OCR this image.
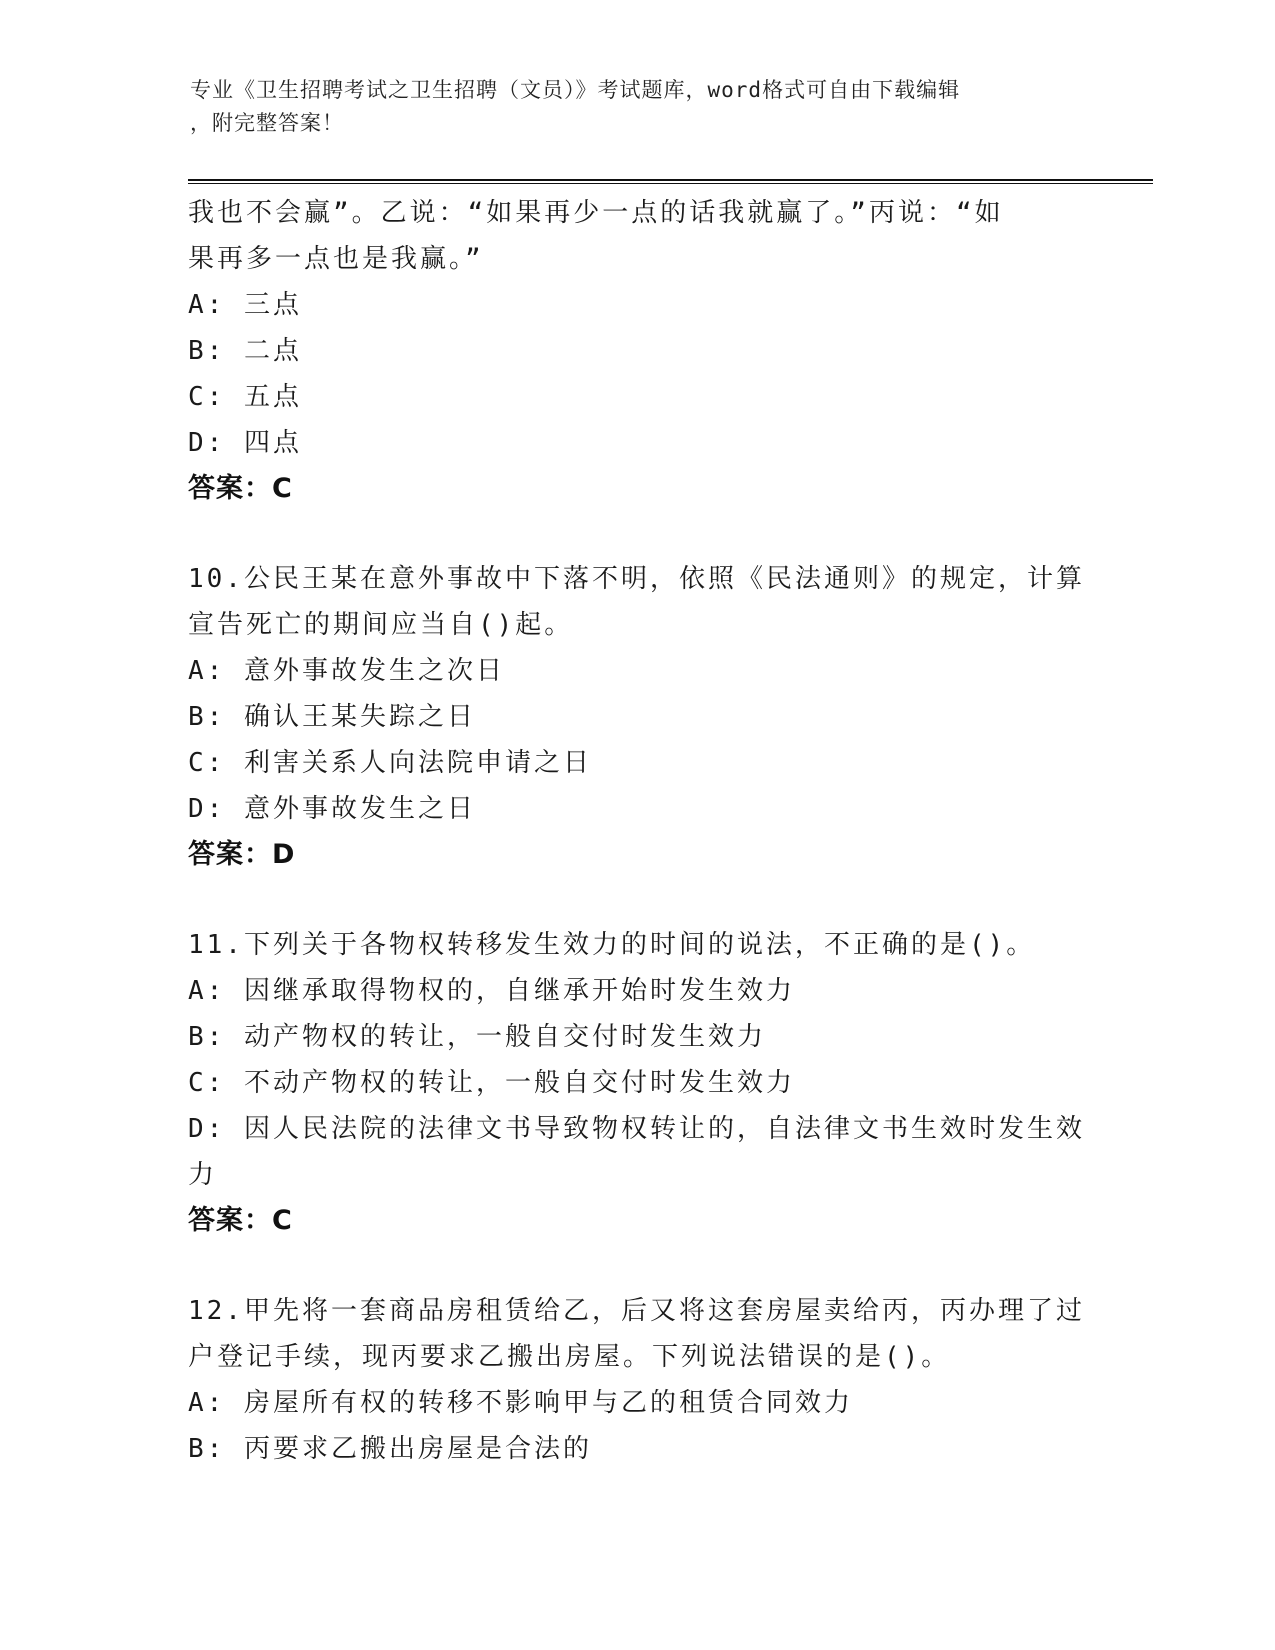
专业《卫生招聘考试之卫生招聘（文员）》考试题库，word格式可自由下载编辑
，附完整答案！
我也不会赢”。乙说：“如果再少一点的话我就赢了。”丙说：“如
果再多一点也是我赢。”
A: 三点
B: 二点
C: 五点
D: 四点
答案：C
10.公民王某在意外事故中下落不明，依照《民法通则》的规定，计算
宣告死亡的期间应当自()起。
A: 意外事故发生之次日
B: 确认王某失踪之日
C: 利害关系人向法院申请之日
D: 意外事故发生之日
答案：D
11.下列关于各物权转移发生效力的时间的说法，不正确的是()。
A: 因继承取得物权的，自继承开始时发生效力
B: 动产物权的转让，一般自交付时发生效力
C: 不动产物权的转让，一般自交付时发生效力
D: 因人民法院的法律文书导致物权转让的，自法律文书生效时发生效
力
答案：C
12.甲先将一套商品房租赁给乙，后又将这套房屋卖给丙，丙办理了过
户登记手续，现丙要求乙搬出房屋。下列说法错误的是()。
A: 房屋所有权的转移不影响甲与乙的租赁合同效力
B: 丙要求乙搬出房屋是合法的
